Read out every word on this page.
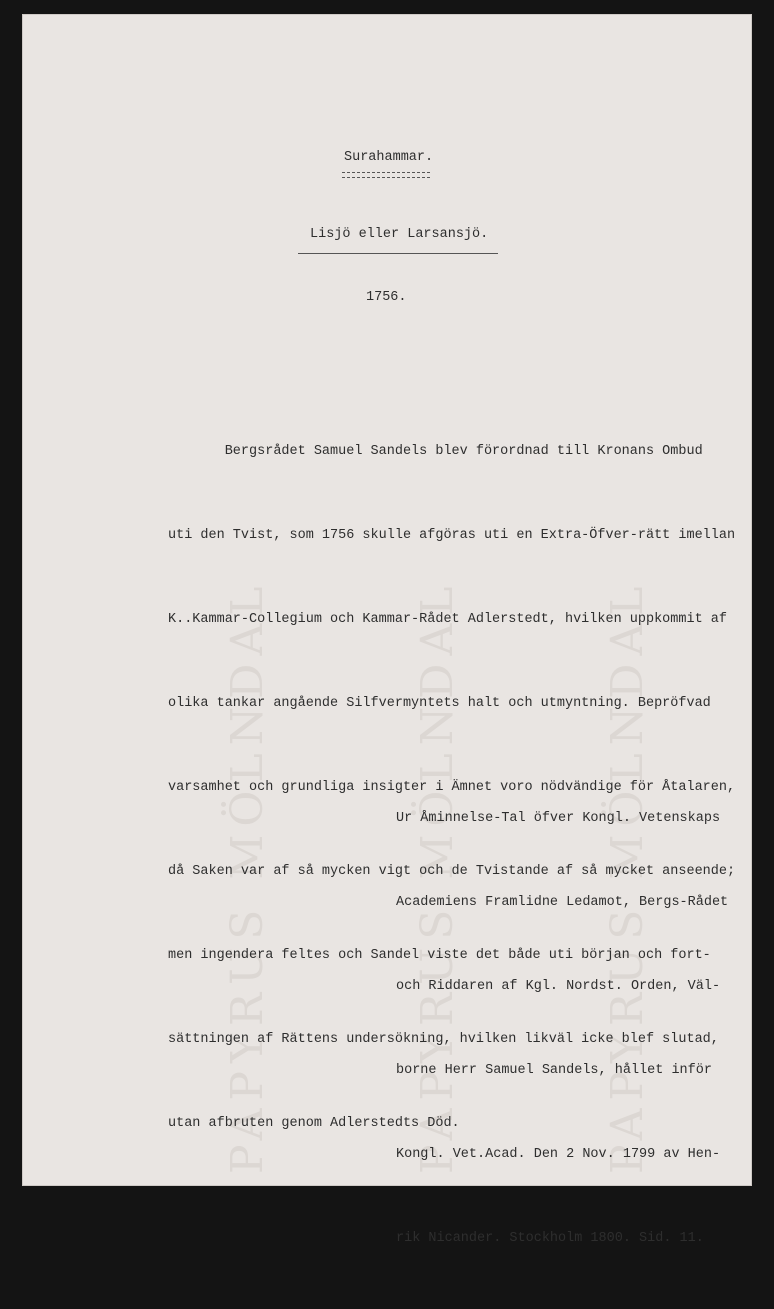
PAPYRUS MÖLNDAL	PAPYRUS MÖLNDAL	PAPYRUS MÖLNDAL
Surahammar.
Lisjö eller Larsansjö.
1756.

Bergsrådet Samuel Sandels blev förordnad till Kronans Ombud

uti den Tvist, som 1756 skulle afgöras uti en Extra-Öfver-rätt imellan

K..Kammar-Collegium och Kammar-Rådet Adlerstedt, hvilken uppkommit af

olika tankar angående Silfvermyntets halt och utmyntning. Bepröfvad

varsamhet och grundliga insigter i Ämnet voro nödvändige för Åtalaren,

då Saken var af så mycken vigt och de Tvistande af så mycket anseende;

men ingendera feltes och Sandel viste det både uti början och fort-

sättningen af Rättens undersökning, hvilken likväl icke blef slutad,

utan afbruten genom Adlerstedts Död.

Ur Åminnelse-Tal öfver Kongl. Vetenskaps

Academiens Framlidne Ledamot, Bergs-Rådet

och Riddaren af Kgl. Nordst. Orden, Väl-

borne Herr Samuel Sandels, hållet inför

Kongl. Vet.Acad. Den 2 Nov. 1799 av Hen-

rik Nicander. Stockholm 1800. Sid. 11.
